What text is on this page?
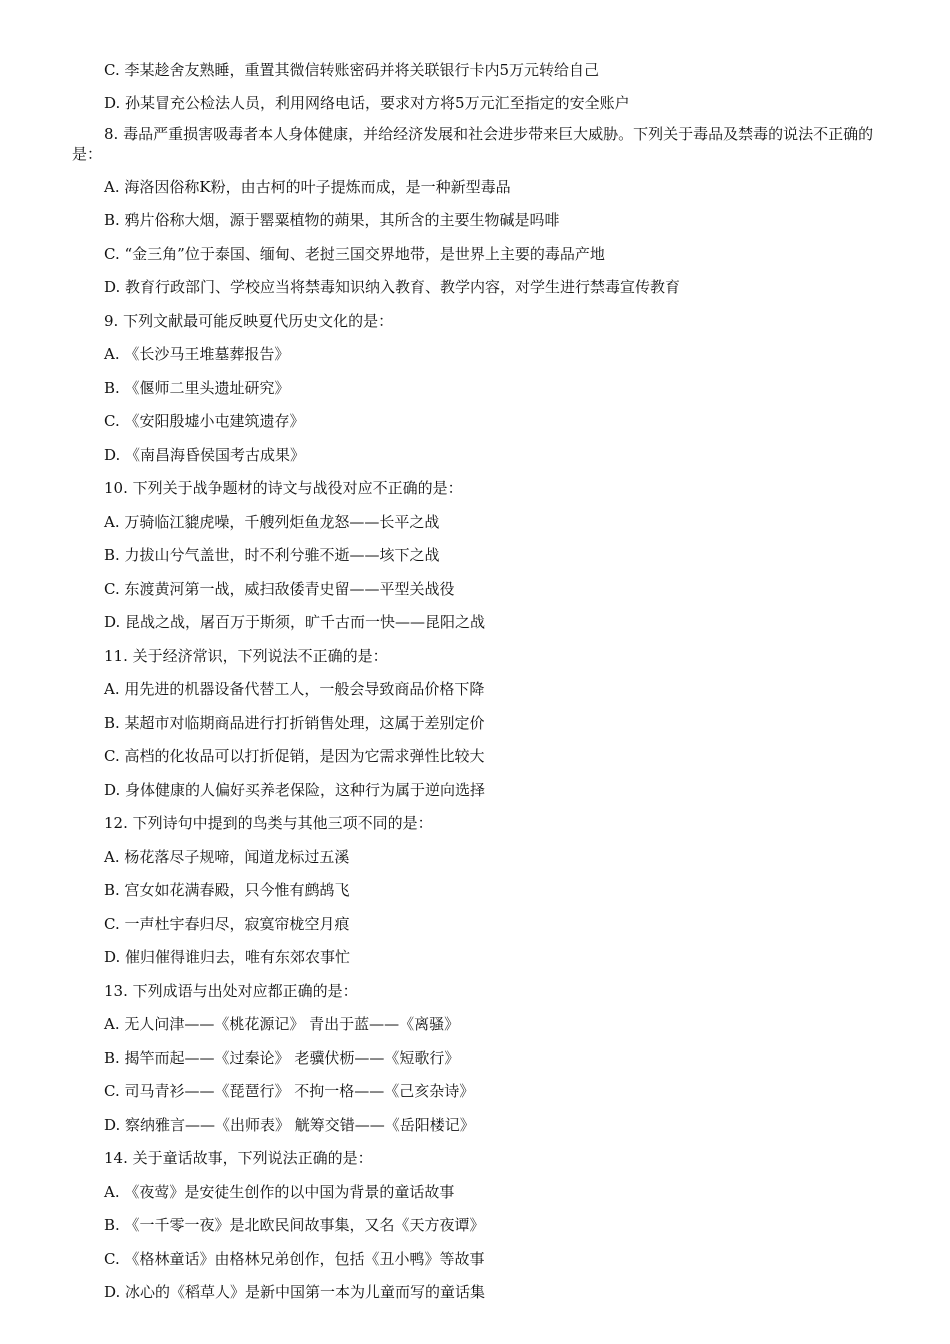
C. 李某趁舍友熟睡，重置其微信转账密码并将关联银行卡内5万元转给自己
D. 孙某冒充公检法人员，利用网络电话，要求对方将5万元汇至指定的安全账户
8. 毒品严重损害吸毒者本人身体健康，并给经济发展和社会进步带来巨大威胁。下列关于毒品及禁毒的说法不正确的是：
A. 海洛因俗称K粉，由古柯的叶子提炼而成，是一种新型毒品
B. 鸦片俗称大烟，源于罂粟植物的蒴果，其所含的主要生物碱是吗啡
C. “金三角”位于泰国、缅甸、老挝三国交界地带，是世界上主要的毒品产地
D. 教育行政部门、学校应当将禁毒知识纳入教育、教学内容，对学生进行禁毒宣传教育
9. 下列文献最可能反映夏代历史文化的是：
A. 《长沙马王堆墓葬报告》
B. 《偃师二里头遗址研究》
C. 《安阳殷墟小屯建筑遗存》
D. 《南昌海昏侯国考古成果》
10. 下列关于战争题材的诗文与战役对应不正确的是：
A. 万骑临江貔虎噪，千艘列炬鱼龙怒——长平之战
B. 力拔山兮气盖世，时不利兮骓不逝——垓下之战
C. 东渡黄河第一战，威扫敌倭青史留——平型关战役
D. 昆战之战，屠百万于斯须，旷千古而一快——昆阳之战
11. 关于经济常识，下列说法不正确的是：
A. 用先进的机器设备代替工人，一般会导致商品价格下降
B. 某超市对临期商品进行打折销售处理，这属于差别定价
C. 高档的化妆品可以打折促销，是因为它需求弹性比较大
D. 身体健康的人偏好买养老保险，这种行为属于逆向选择
12. 下列诗句中提到的鸟类与其他三项不同的是：
A. 杨花落尽子规啼，闻道龙标过五溪
B. 宫女如花满春殿，只今惟有鹧鸪飞
C. 一声杜宇春归尽，寂寞帘栊空月痕
D. 催归催得谁归去，唯有东郊农事忙
13. 下列成语与出处对应都正确的是：
A. 无人问津——《桃花源记》 青出于蓝——《离骚》
B. 揭竿而起——《过秦论》 老骥伏枥——《短歌行》
C. 司马青衫——《琵琶行》 不拘一格——《己亥杂诗》
D. 察纳雅言——《出师表》 觥筹交错——《岳阳楼记》
14. 关于童话故事，下列说法正确的是：
A. 《夜莺》是安徒生创作的以中国为背景的童话故事
B. 《一千零一夜》是北欧民间故事集，又名《天方夜谭》
C. 《格林童话》由格林兄弟创作，包括《丑小鸭》等故事
D. 冰心的《稻草人》是新中国第一本为儿童而写的童话集
